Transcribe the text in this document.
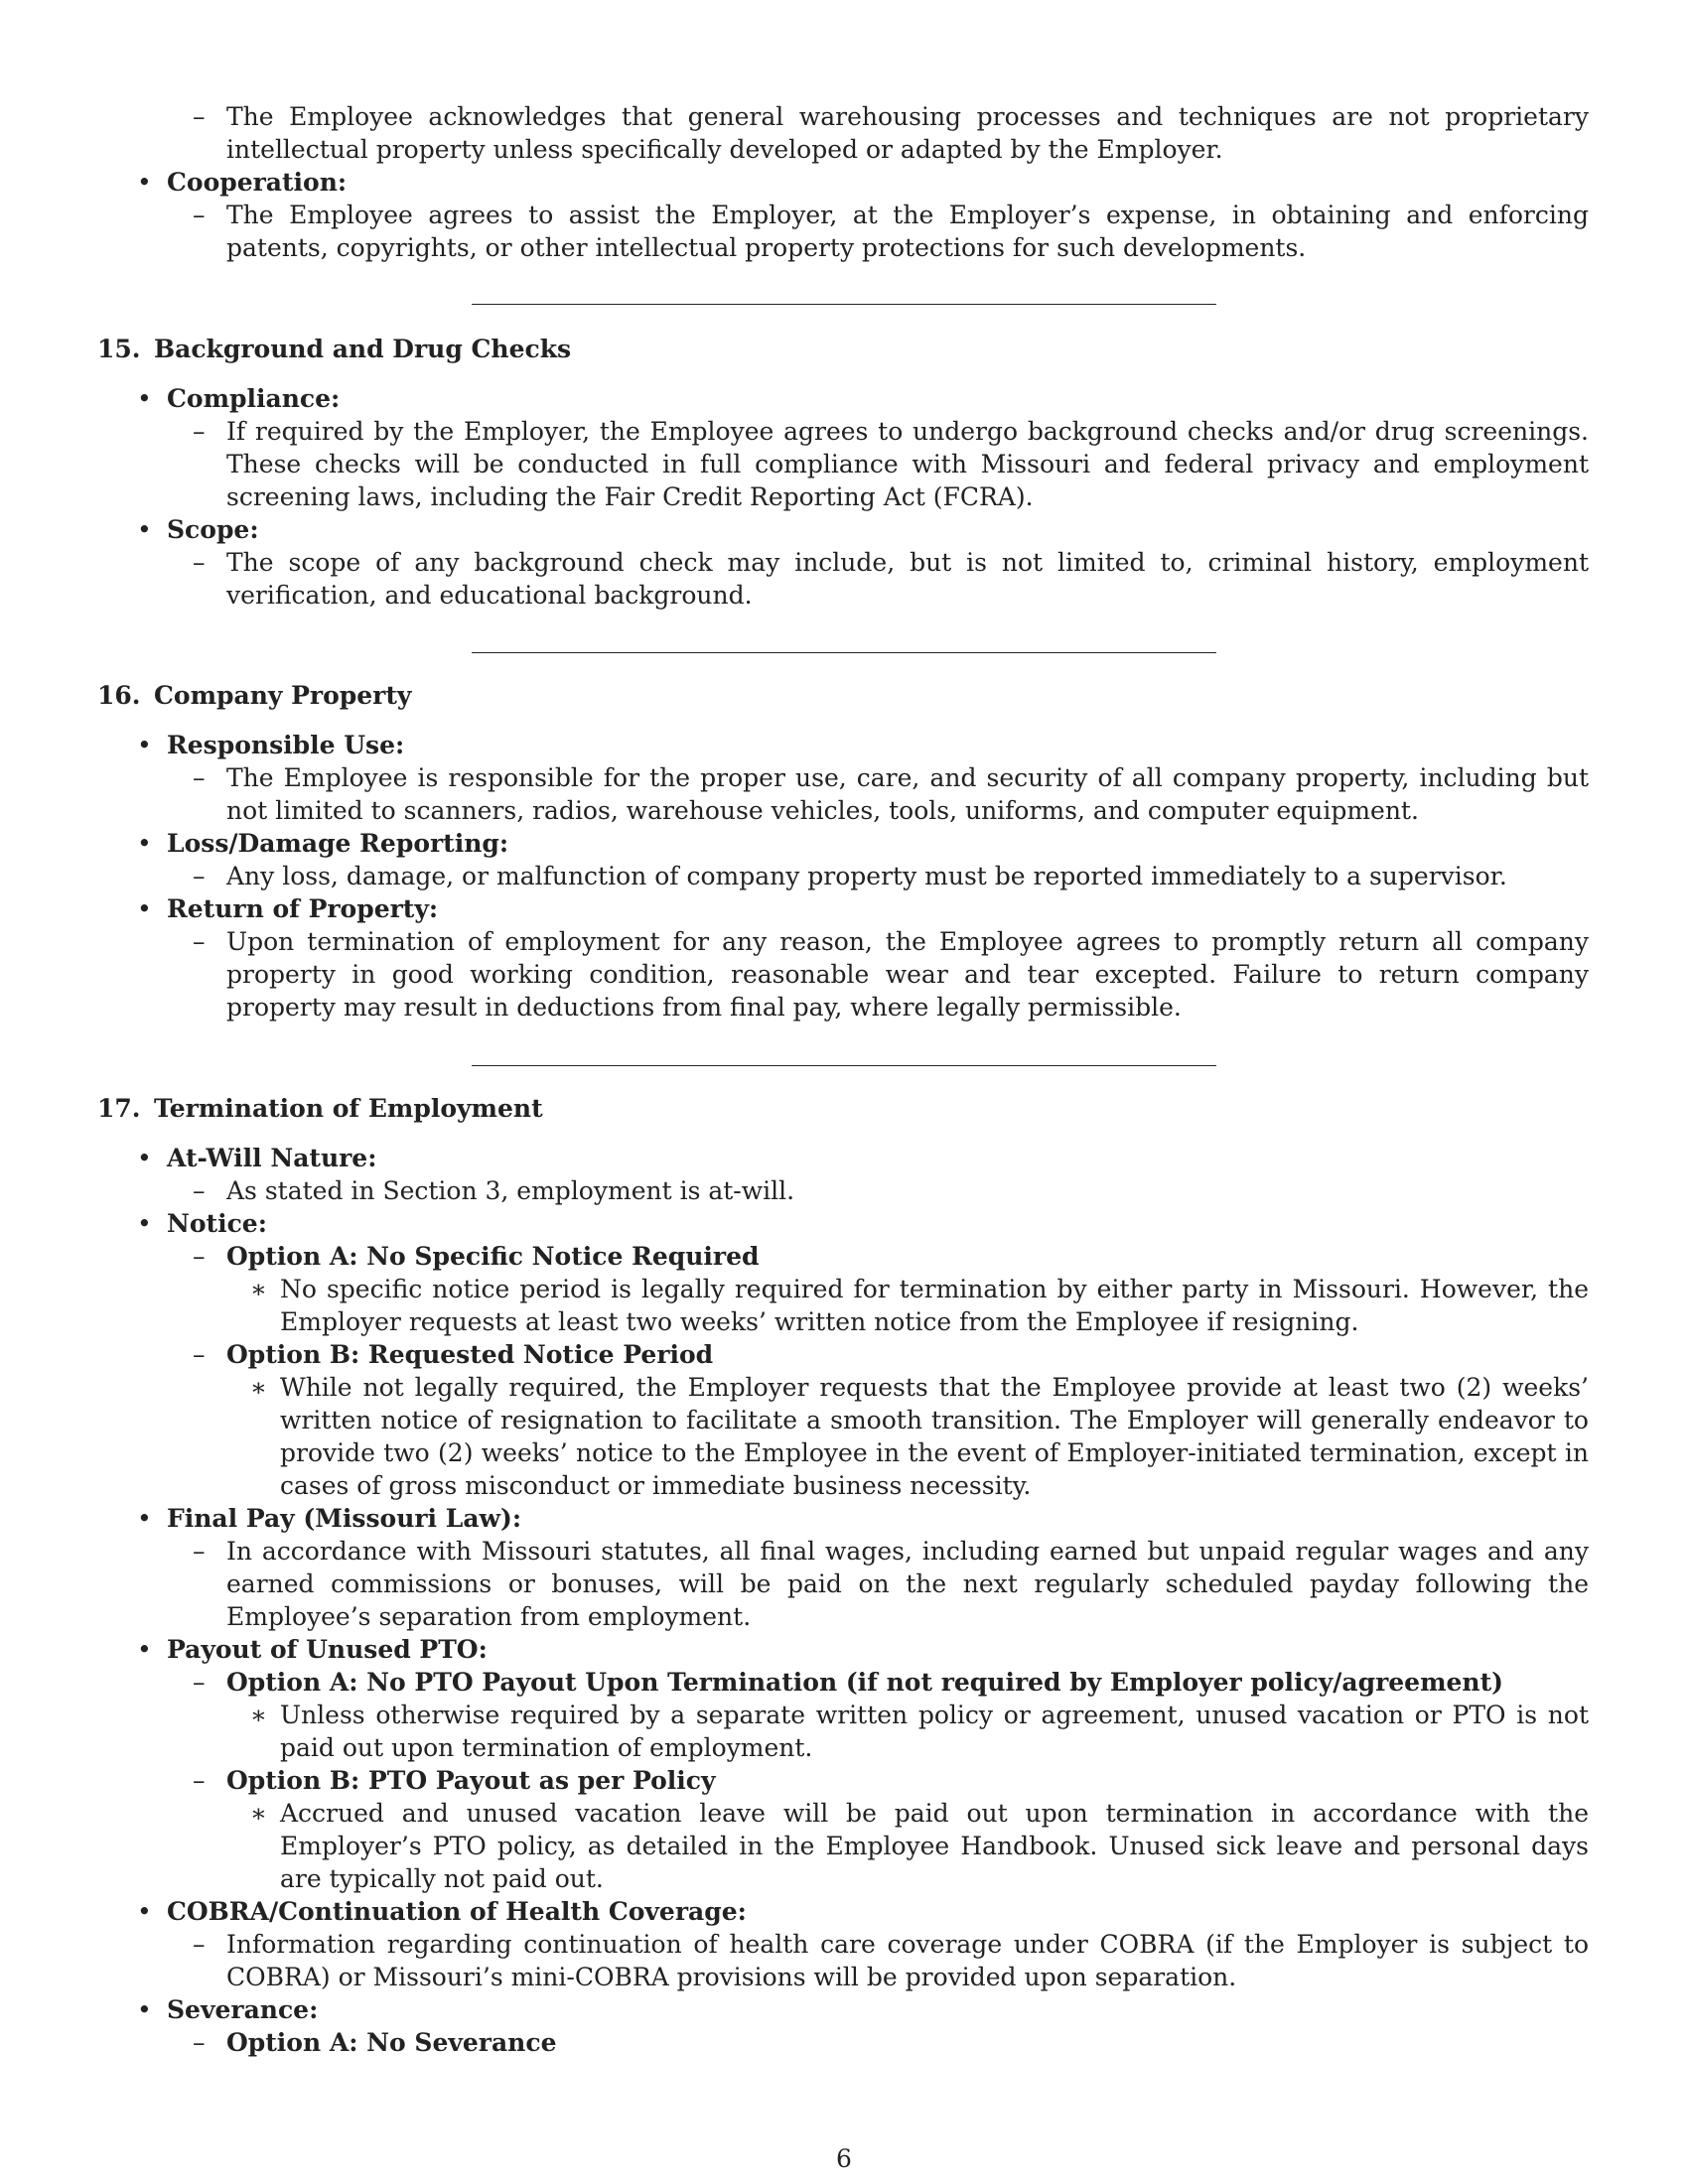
– The Employee acknowledges that general warehousing processes and techniques are not proprietary intellectual property unless specifically developed or adapted by the Employer.
• Cooperation:
– The Employee agrees to assist the Employer, at the Employer’s expense, in obtaining and enforcing patents, copyrights, or other intellectual property protections for such developments.
15. Background and Drug Checks
• Compliance:
– If required by the Employer, the Employee agrees to undergo background checks and/or drug screenings. These checks will be conducted in full compliance with Missouri and federal privacy and employment screening laws, including the Fair Credit Reporting Act (FCRA).
• Scope:
– The scope of any background check may include, but is not limited to, criminal history, employment verification, and educational background.
16. Company Property
• Responsible Use:
– The Employee is responsible for the proper use, care, and security of all company property, including but not limited to scanners, radios, warehouse vehicles, tools, uniforms, and computer equipment.
• Loss/Damage Reporting:
– Any loss, damage, or malfunction of company property must be reported immediately to a supervisor.
• Return of Property:
– Upon termination of employment for any reason, the Employee agrees to promptly return all company property in good working condition, reasonable wear and tear excepted. Failure to return company property may result in deductions from final pay, where legally permissible.
17. Termination of Employment
• At-Will Nature:
– As stated in Section 3, employment is at-will.
• Notice:
– Option A: No Specific Notice Required
∗ No specific notice period is legally required for termination by either party in Missouri. However, the Employer requests at least two weeks’ written notice from the Employee if resigning.
– Option B: Requested Notice Period
∗ While not legally required, the Employer requests that the Employee provide at least two (2) weeks’ written notice of resignation to facilitate a smooth transition. The Employer will generally endeavor to provide two (2) weeks’ notice to the Employee in the event of Employer-initiated termination, except in cases of gross misconduct or immediate business necessity.
• Final Pay (Missouri Law):
– In accordance with Missouri statutes, all final wages, including earned but unpaid regular wages and any earned commissions or bonuses, will be paid on the next regularly scheduled payday following the Employee’s separation from employment.
• Payout of Unused PTO:
– Option A: No PTO Payout Upon Termination (if not required by Employer policy/agreement)
∗ Unless otherwise required by a separate written policy or agreement, unused vacation or PTO is not paid out upon termination of employment.
– Option B: PTO Payout as per Policy
∗ Accrued and unused vacation leave will be paid out upon termination in accordance with the Employer’s PTO policy, as detailed in the Employee Handbook. Unused sick leave and personal days are typically not paid out.
• COBRA/Continuation of Health Coverage:
– Information regarding continuation of health care coverage under COBRA (if the Employer is subject to COBRA) or Missouri’s mini-COBRA provisions will be provided upon separation.
• Severance:
– Option A: No Severance
6
